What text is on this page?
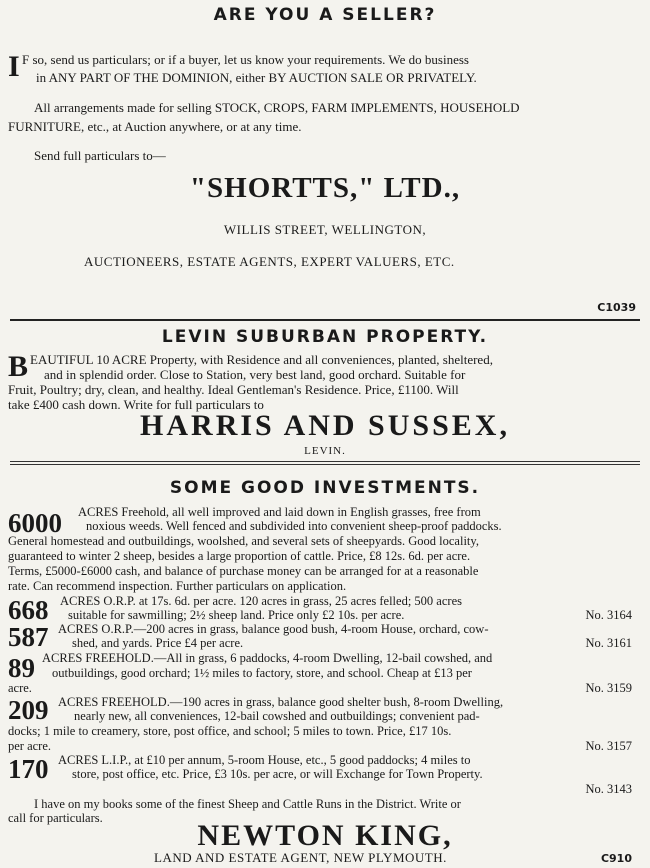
ARE YOU A SELLER?
I F so, send us particulars; or if a buyer, let us know your requirements. We do business
in ANY PART OF THE DOMINION, either BY AUCTION SALE OR PRIVATELY.
All arrangements made for selling STOCK, CROPS, FARM IMPLEMENTS, HOUSEHOLD
FURNITURE, etc., at Auction anywhere, or at any time.
Send full particulars to—
"SHORTTS," LTD.,
WILLIS STREET, WELLINGTON,
AUCTIONEERS, ESTATE AGENTS, EXPERT VALUERS, ETC.
C1039
LEVIN SUBURBAN PROPERTY.
B EAUTIFUL 10 ACRE Property, with Residence and all conveniences, planted, sheltered,
and in splendid order. Close to Station, very best land, good orchard. Suitable for
Fruit, Poultry; dry, clean, and healthy. Ideal Gentleman's Residence. Price, £1100. Will
take £400 cash down. Write for full particulars to
HARRIS AND SUSSEX,
LEVIN.
SOME GOOD INVESTMENTS.
6000 ACRES Freehold, all well improved and laid down in English grasses, free from
noxious weeds. Well fenced and subdivided into convenient sheep-proof paddocks.
General homestead and outbuildings, woolshed, and several sets of sheepyards. Good locality,
guaranteed to winter 2 sheep, besides a large proportion of cattle. Price, £8 12s. 6d. per acre.
Terms, £5000-£6000 cash, and balance of purchase money can be arranged for at a reasonable
rate. Can recommend inspection. Further particulars on application.
668 ACRES O.R.P. at 17s. 6d. per acre. 120 acres in grass, 25 acres felled; 500 acres
suitable for sawmilling; 2½ sheep land. Price only £2 10s. per acre.	No. 3164
587 ACRES O.R.P.—200 acres in grass, balance good bush, 4-room House, orchard, cow-
shed, and yards. Price £4 per acre.	No. 3161
89 ACRES FREEHOLD.—All in grass, 6 paddocks, 4-room Dwelling, 12-bail cowshed, and
outbuildings, good orchard; 1½ miles to factory, store, and school. Cheap at £13 per
acre.	No. 3159
209 ACRES FREEHOLD.—190 acres in grass, balance good shelter bush, 8-room Dwelling,
nearly new, all conveniences, 12-bail cowshed and outbuildings; convenient pad-
docks; 1 mile to creamery, store, post office, and school; 5 miles to town. Price, £17 10s.
per acre.	No. 3157
170 ACRES L.I.P., at £10 per annum, 5-room House, etc., 5 good paddocks; 4 miles to
store, post office, etc. Price, £3 10s. per acre, or will Exchange for Town Property.
No. 3143
I have on my books some of the finest Sheep and Cattle Runs in the District. Write or
call for particulars.
NEWTON KING,
LAND AND ESTATE AGENT, NEW PLYMOUTH.	C910
